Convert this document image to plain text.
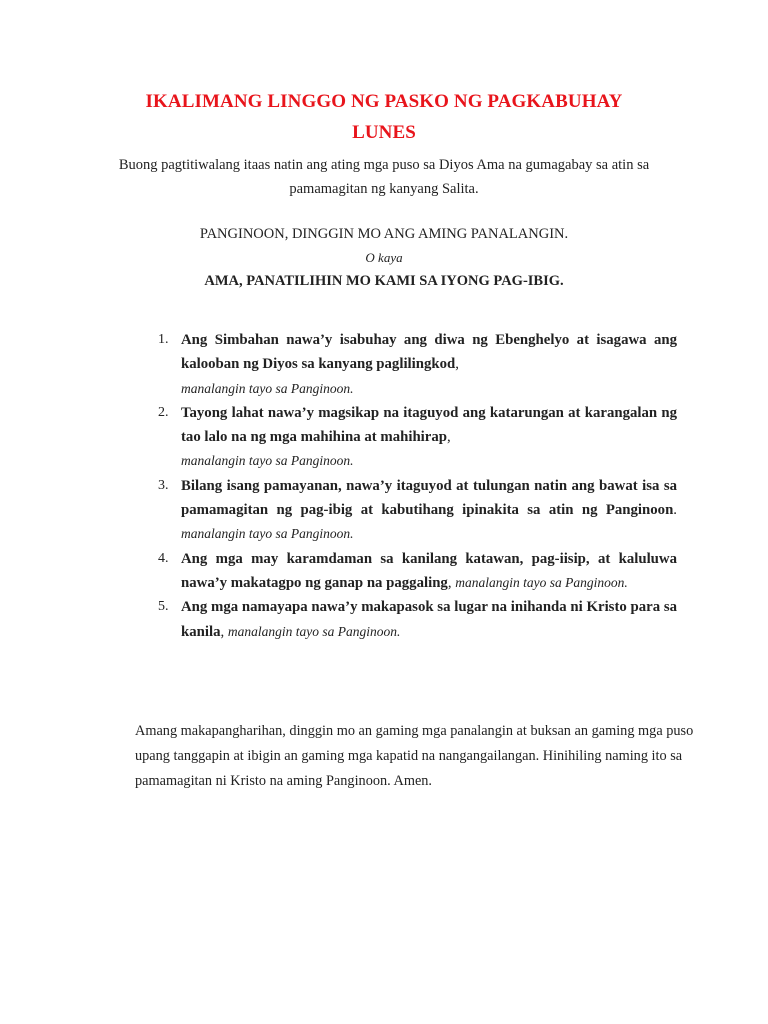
IKALIMANG LINGGO NG PASKO NG PAGKABUHAY
LUNES
Buong pagtitiwalang itaas natin ang ating mga puso sa Diyos Ama na gumagabay sa atin sa pamamagitan ng kanyang Salita.
PANGINOON, DINGGIN MO ANG AMING PANALANGIN.
O kaya
AMA, PANATILIHIN MO KAMI SA IYONG PAG-IBIG.
1. Ang Simbahan nawa’y isabuhay ang diwa ng Ebenghelyo at isagawa ang kalooban ng Diyos sa kanyang paglilingkod,
manalangin tayo sa Panginoon.
2. Tayong lahat nawa’y magsikap na itaguyod ang katarungan at karangalan ng tao lalo na ng mga mahihina at mahihirap,
manalangin tayo sa Panginoon.
3. Bilang isang pamayanan, nawa’y itaguyod at tulungan natin ang bawat isa sa pamamagitan ng pag-ibig at kabutihang ipinakita sa atin ng Panginoon. manalangin tayo sa Panginoon.
4. Ang mga may karamdaman sa kanilang katawan, pag-iisip, at kaluluwa nawa’y makatagpo ng ganap na paggaling, manalangin tayo sa Panginoon.
5. Ang mga namayapa nawa’y makapasok sa lugar na inihanda ni Kristo para sa kanila, manalangin tayo sa Panginoon.
Amang makapangharihan, dinggin mo an gaming mga panalangin at buksan an gaming mga puso upang tanggapin at ibigin an gaming mga kapatid na nangangailangan. Hinihiling naming ito sa pamamagitan ni Kristo na aming Panginoon. Amen.
